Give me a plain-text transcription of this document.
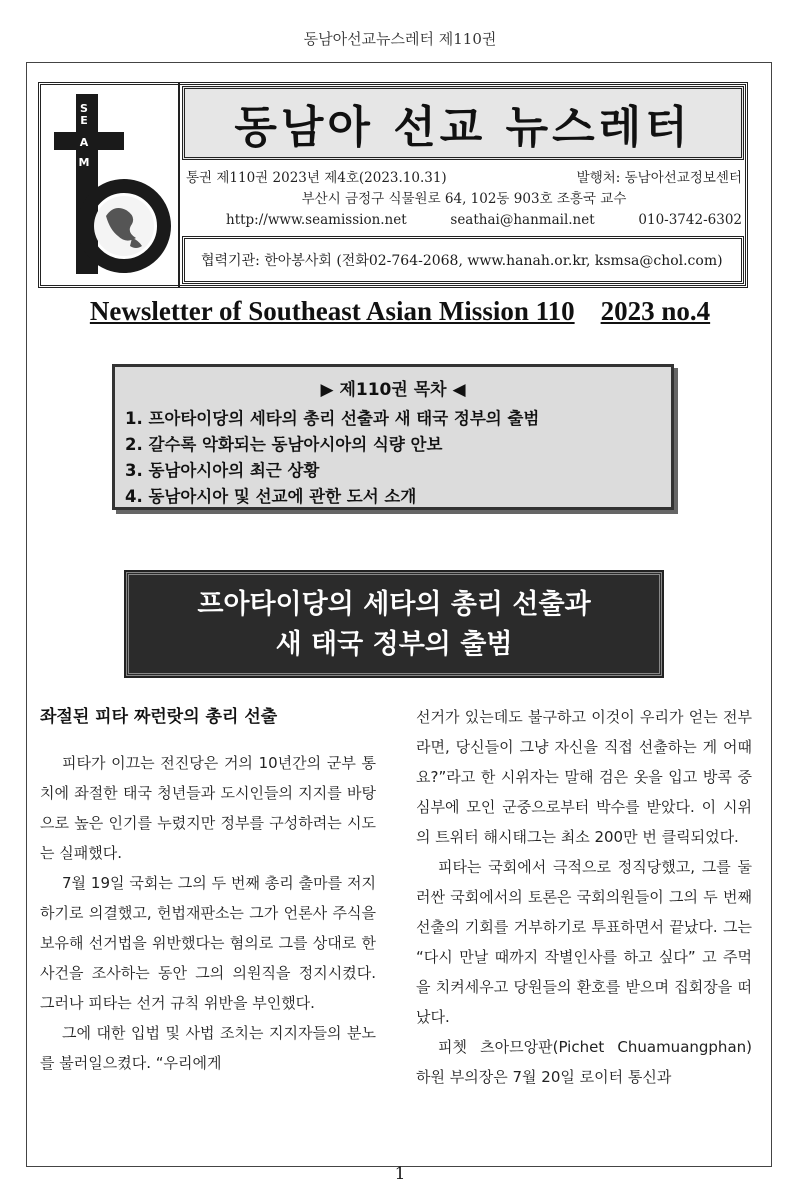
동남아선교뉴스레터 제110권
S
E
A
M
동남아 선교 뉴스레터
통권 제110권 2023년 제4호(2023.10.31)	발행처: 동남아선교정보센터
부산시 금정구 식물원로 64, 102동 903호 조흥국 교수
http://www.seamission.net	seathai@hanmail.net	010-3742-6302
협력기관: 한아봉사회 (전화02-764-2068, www.hanah.or.kr, ksmsa@chol.com)
Newsletter of Southeast Asian Mission 110 2023 no.4
▶ 제110권 목차 ◀
1. 프아타이당의 세타의 총리 선출과 새 태국 정부의 출범
2. 갈수록 악화되는 동남아시아의 식량 안보
3. 동남아시아의 최근 상황
4. 동남아시아 및 선교에 관한 도서 소개
프아타이당의 세타의 총리 선출과
새 태국 정부의 출범
좌절된 피타 짜런랏의 총리 선출

피타가 이끄는 전진당은 거의 10년간의 군부 통치에 좌절한 태국 청년들과 도시인들의 지지를 바탕으로 높은 인기를 누렸지만 정부를 구성하려는 시도는 실패했다.

7월 19일 국회는 그의 두 번째 총리 출마를 저지하기로 의결했고, 헌법재판소는 그가 언론사 주식을 보유해 선거법을 위반했다는 혐의로 그를 상대로 한 사건을 조사하는 동안 그의 의원직을 정지시켰다. 그러나 피타는 선거 규칙 위반을 부인했다.

그에 대한 입법 및 사법 조치는 지지자들의 분노를 불러일으켰다. “우리에게

선거가 있는데도 불구하고 이것이 우리가 얻는 전부라면, 당신들이 그냥 자신을 직접 선출하는 게 어때요?”라고 한 시위자는 말해 검은 옷을 입고 방콕 중심부에 모인 군중으로부터 박수를 받았다. 이 시위의 트위터 해시태그는 최소 200만 번 클릭되었다.

피타는 국회에서 극적으로 정직당했고, 그를 둘러싼 국회에서의 토론은 국회의원들이 그의 두 번째 선출의 기회를 거부하기로 투표하면서 끝났다. 그는 “다시 만날 때까지 작별인사를 하고 싶다” 고 주먹을 치켜세우고 당원들의 환호를 받으며 집회장을 떠났다.

피쳇 츠아므앙판(Pichet Chuamuangphan) 하원 부의장은 7월 20일 로이터 통신과

1
